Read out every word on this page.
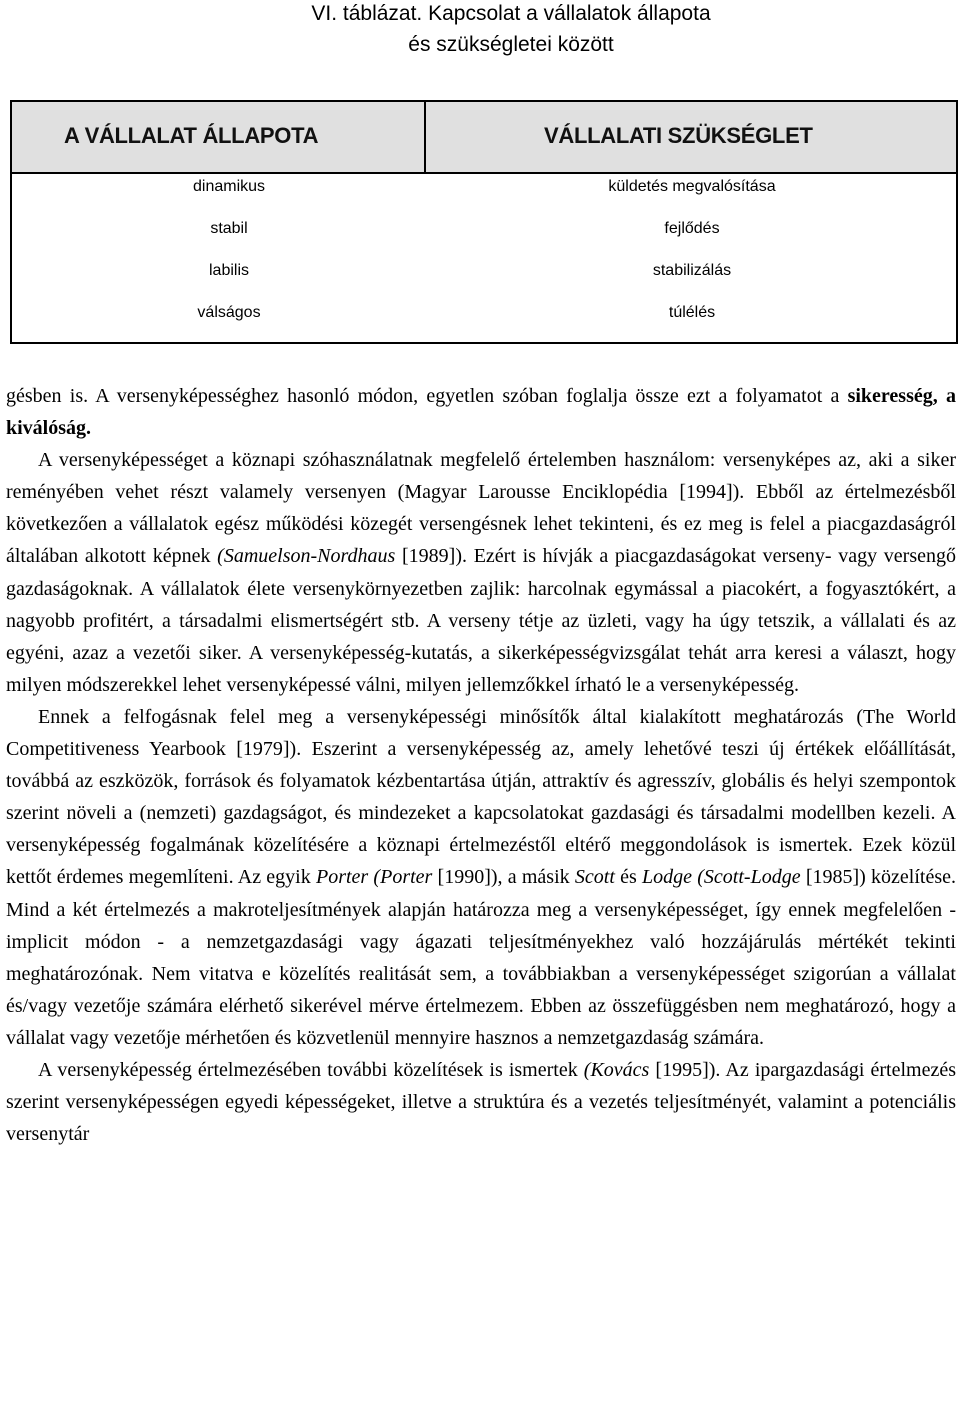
VI. táblázat. Kapcsolat a vállalatok állapota
és szükségletei között
A VÁLLALAT ÁLLAPOTA	VÁLLALATI SZÜKSÉGLET
dinamikus	küldetés megvalósítása
stabil	fejlődés
labilis	stabilizálás
válságos	túlélés

gésben is. A versenyképességhez hasonló módon, egyetlen szóban foglalja össze ezt a folyamatot a sikeresség, a kiválóság.

A versenyképességet a köznapi szóhasználatnak megfelelő értelemben használom: versenyképes az, aki a siker reményében vehet részt valamely versenyen (Magyar Larousse Enciklopédia [1994]). Ebből az értelmezésből következően a vállalatok egész működési közegét versengésnek lehet tekinteni, és ez meg is felel a piacgazdaságról általában alkotott képnek (Samuelson-Nordhaus [1989]). Ezért is hívják a piacgazdaságokat verseny- vagy versengő gazdaságoknak. A vállalatok élete versenykörnyezetben zajlik: harcolnak egymással a piacokért, a fogyasztókért, a nagyobb profitért, a társadalmi elismertségért stb. A verseny tétje az üzleti, vagy ha úgy tetszik, a vállalati és az egyéni, azaz a vezetői siker. A versenyképesség-kutatás, a sikerképességvizsgálat tehát arra keresi a választ, hogy milyen módszerekkel lehet versenyképessé válni, milyen jellemzőkkel írható le a versenyképesség.

Ennek a felfogásnak felel meg a versenyképességi minősítők által kialakított meghatározás (The World Competitiveness Yearbook [1979]). Eszerint a versenyképesség az, amely lehetővé teszi új értékek előállítását, továbbá az eszközök, források és folyamatok kézbentartása útján, attraktív és agresszív, globális és helyi szempontok szerint növeli a (nemzeti) gazdagságot, és mindezeket a kapcsolatokat gazdasági és társadalmi modellben kezeli. A versenyképesség fogalmának közelítésére a köznapi értelmezéstől eltérő meggondolások is ismertek. Ezek közül kettőt érdemes megemlíteni. Az egyik Porter (Porter [1990]), a másik Scott és Lodge (Scott-Lodge [1985]) közelítése. Mind a két értelmezés a makroteljesítmények alapján határozza meg a versenyképességet, így ennek megfelelően - implicit módon - a nemzetgazdasági vagy ágazati teljesítményekhez való hozzájárulás mértékét tekinti meghatározónak. Nem vitatva e közelítés realitását sem, a továbbiakban a versenyképességet szigorúan a vállalat és/vagy vezetője számára elérhető sikerével mérve értelmezem. Ebben az összefüggésben nem meghatározó, hogy a vállalat vagy vezetője mérhetően és közvetlenül mennyire hasznos a nemzetgazdaság számára.

A versenyképesség értelmezésében további közelítések is ismertek (Kovács [1995]). Az ipargazdasági értelmezés szerint versenyképességen egyedi képességeket, illetve a struktúra és a vezetés teljesítményét, valamint a potenciális versenytár
